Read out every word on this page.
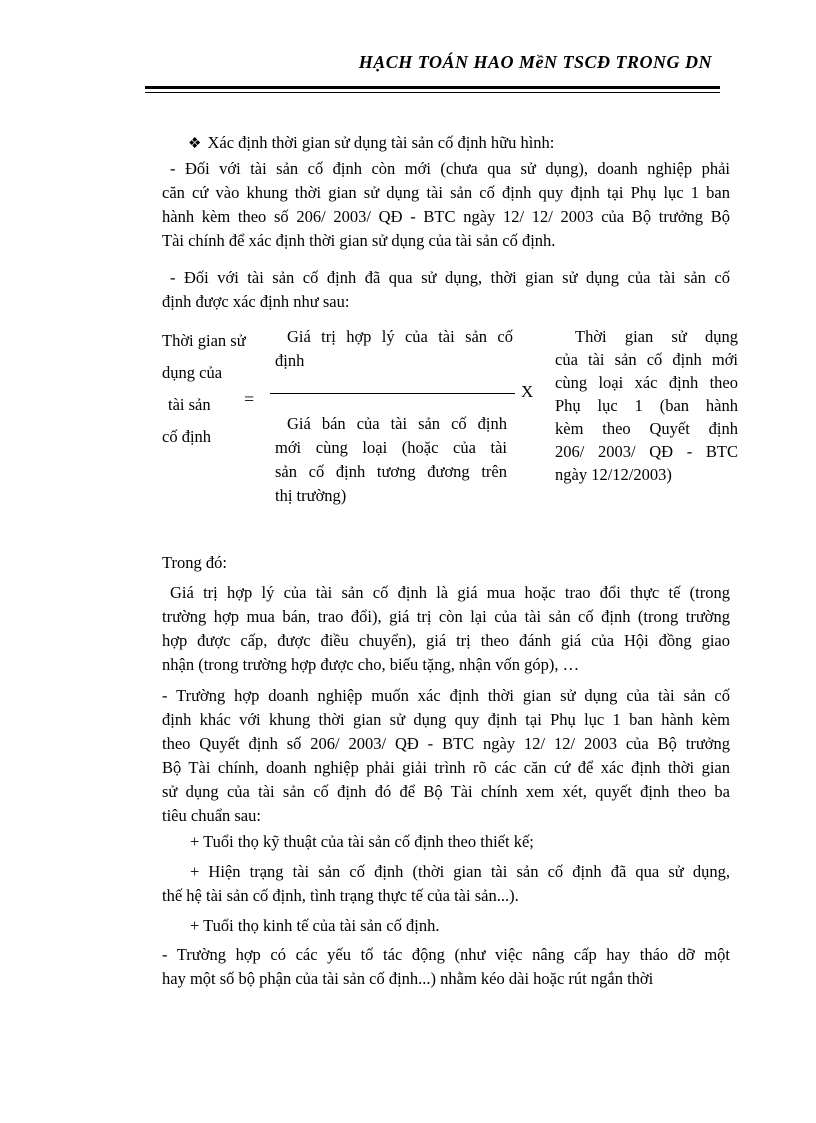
HẠCH TOÁN HAO MềN TSCĐ TRONG DN
❖ Xác định thời gian sử dụng tài sản cố định hữu hình:
- Đối với tài sản cố định còn mới (chưa qua sử dụng), doanh nghiệp phải
căn cứ vào khung thời gian sử dụng tài sản cố định quy định tại Phụ lục 1 ban
hành kèm theo số 206/ 2003/ QĐ - BTC ngày 12/ 12/ 2003 của Bộ trưởng Bộ
Tài chính để xác định thời gian sử dụng của tài sản cố định.
- Đối với tài sản cố định đã qua sử dụng, thời gian sử dụng của tài sản cố
định được xác định như sau:
Thời gian sử
dụng của
tài sản
cố định
=
Giá trị hợp lý của tài sản cố
định
X
Giá bán của tài sản cố định
mới cùng loại (hoặc của tài
sản cố định tương đương trên
thị trường)
Thời gian sử dụng
của tài sản cố định mới
cùng loại xác định theo
Phụ lục 1 (ban hành
kèm theo Quyết định
206/ 2003/ QĐ - BTC
ngày 12/12/2003)
Trong đó:
Giá trị hợp lý của tài sản cố định là giá mua hoặc trao đổi thực tế (trong
trường hợp mua bán, trao đổi), giá trị còn lại của tài sản cố định (trong trường
hợp được cấp, được điều chuyển), giá trị theo đánh giá của Hội đồng giao
nhận (trong trường hợp được cho, biếu tặng, nhận vốn góp), …
- Trường hợp doanh nghiệp muốn xác định thời gian sử dụng của tài sản cố
định khác với khung thời gian sử dụng quy định tại Phụ lục 1 ban hành kèm
theo Quyết định số 206/ 2003/ QĐ - BTC ngày 12/ 12/ 2003 của Bộ trưởng
Bộ Tài chính, doanh nghiệp phải giải trình rõ các căn cứ để xác định thời gian
sử dụng của tài sản cố định đó để Bộ Tài chính xem xét, quyết định theo ba
tiêu chuẩn sau:
+ Tuổi thọ kỹ thuật của tài sản cố định theo thiết kế;
+ Hiện trạng tài sản cố định (thời gian tài sản cố định đã qua sử dụng,
thế hệ tài sản cố định, tình trạng thực tế của tài sản...).
+ Tuổi thọ kinh tế của tài sản cố định.
- Trường hợp có các yếu tố tác động (như việc nâng cấp hay tháo dỡ một
hay một số bộ phận của tài sản cố định...) nhằm kéo dài hoặc rút ngắn thời
